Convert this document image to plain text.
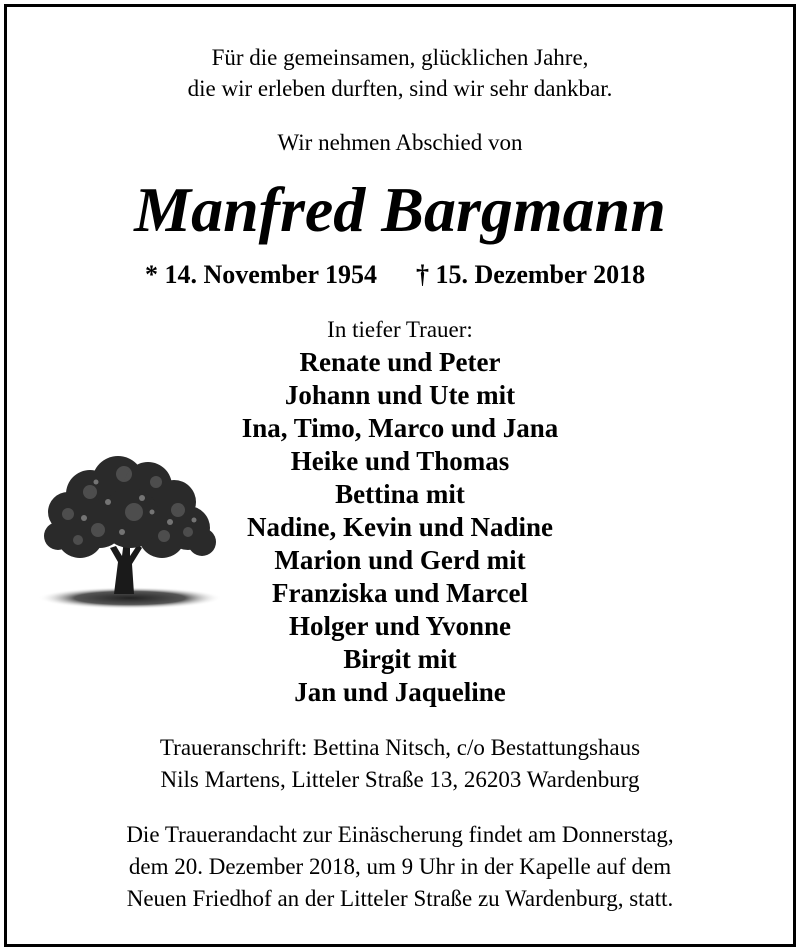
Für die gemeinsamen, glücklichen Jahre,
die wir erleben durften, sind wir sehr dankbar.
Wir nehmen Abschied von
Manfred Bargmann
* 14. November 1954 † 15. Dezember 2018
In tiefer Trauer:
Renate und Peter
Johann und Ute mit
Ina, Timo, Marco und Jana
Heike und Thomas
Bettina mit
Nadine, Kevin und Nadine
Marion und Gerd mit
Franziska und Marcel
Holger und Yvonne
Birgit mit
Jan und Jaqueline
Traueranschrift: Bettina Nitsch, c/o Bestattungshaus
Nils Martens, Litteler Straße 13, 26203 Wardenburg
Die Trauerandacht zur Einäscherung findet am Donnerstag,
dem 20. Dezember 2018, um 9 Uhr in der Kapelle auf dem
Neuen Friedhof an der Litteler Straße zu Wardenburg, statt.
